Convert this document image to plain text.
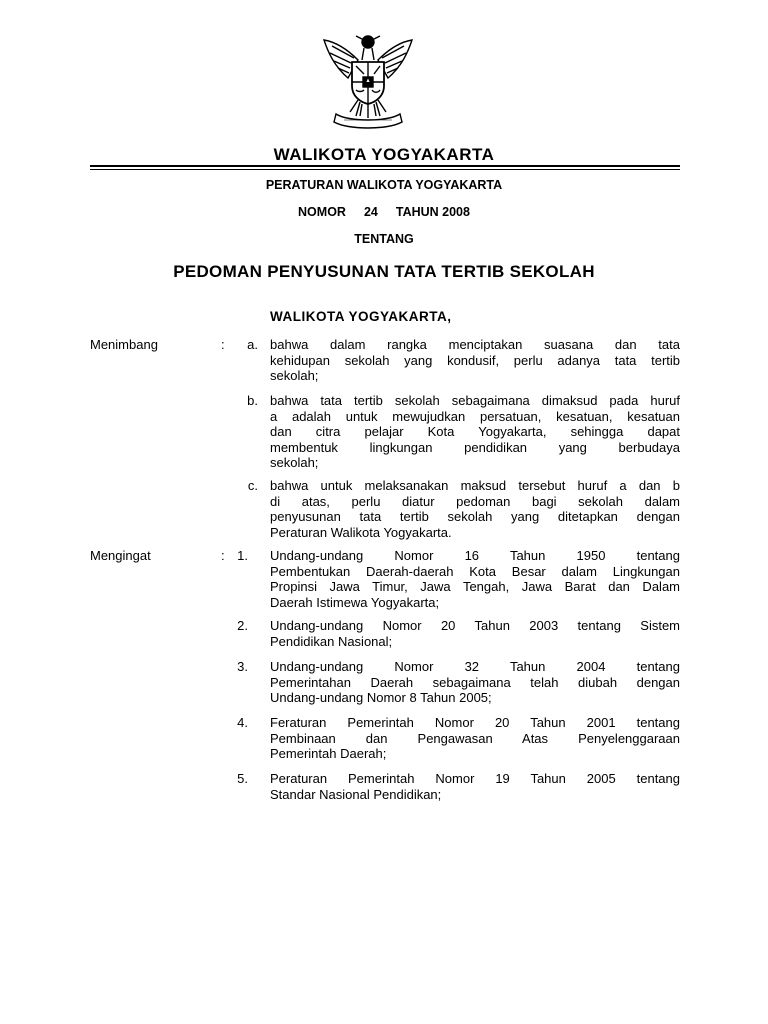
WALIKOTA YOGYAKARTA
PERATURAN WALIKOTA YOGYAKARTA
NOMOR 24 TAHUN 2008
TENTANG
PEDOMAN PENYUSUNAN TATA TERTIB SEKOLAH
WALIKOTA YOGYAKARTA,
Menimbang	:	a. bahwa dalam rangka menciptakan suasana dan tata
kehidupan sekolah yang kondusif, perlu adanya tata tertib
sekolah;
b. bahwa tata tertib sekolah sebagaimana dimaksud pada huruf
a adalah untuk mewujudkan persatuan, kesatuan, kesatuan
dan citra pelajar Kota Yogyakarta, sehingga dapat
membentuk lingkungan pendidikan yang berbudaya
sekolah;
c. bahwa untuk melaksanakan maksud tersebut huruf a dan b
di atas, perlu diatur pedoman bagi sekolah dalam
penyusunan tata tertib sekolah yang ditetapkan dengan
Peraturan Walikota Yogyakarta.
Mengingat	: 1. Undang-undang Nomor 16 Tahun 1950 tentang
Pembentukan Daerah-daerah Kota Besar dalam Lingkungan
Propinsi Jawa Timur, Jawa Tengah, Jawa Barat dan Dalam
Daerah Istimewa Yogyakarta;
2. Undang-undang Nomor 20 Tahun 2003 tentang Sistem
Pendidikan Nasional;
3. Undang-undang Nomor 32 Tahun 2004 tentang
Pemerintahan Daerah sebagaimana telah diubah dengan
Undang-undang Nomor 8 Tahun 2005;
4. Feraturan Pemerintah Nomor 20 Tahun 2001 tentang
Pembinaan dan Pengawasan Atas Penyelenggaraan
Pemerintah Daerah;
5. Peraturan Pemerintah Nomor 19 Tahun 2005 tentang
Standar Nasional Pendidikan;
